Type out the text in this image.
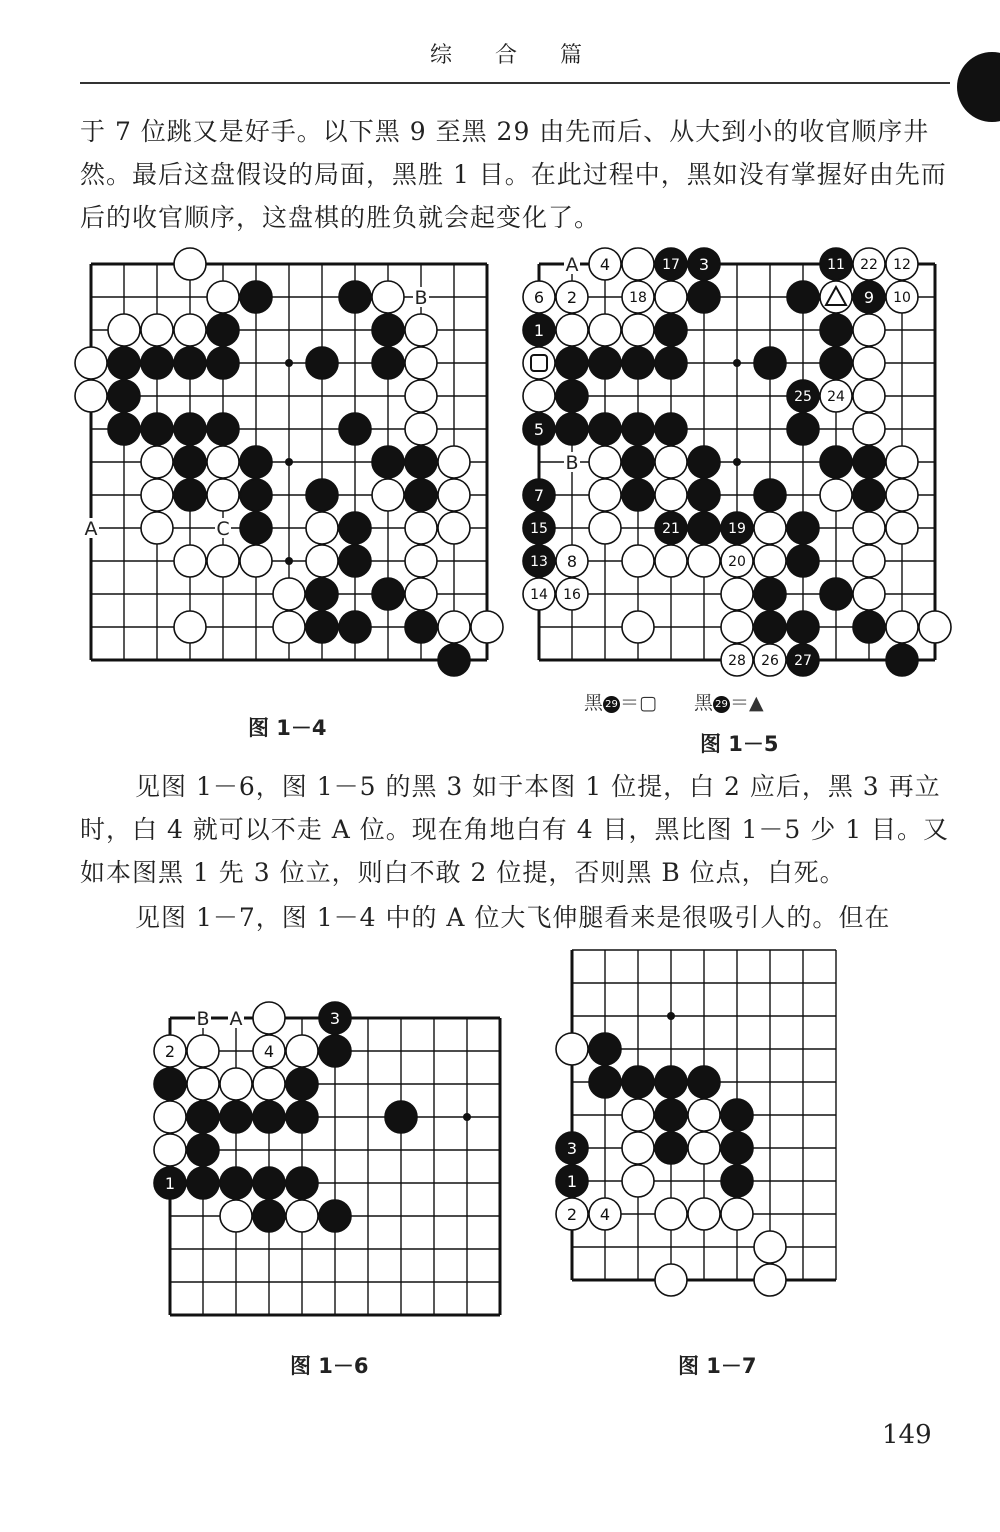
综 合 篇

于 7 位跳又是好手。以下黑 9 至黑 29 由先而后、从大到小的收官顺序井然。最后这盘假设的局面，黑胜 1 目。在此过程中，黑如没有掌握好由先而后的收官顺序，这盘棋的胜负就会起变化了。

B
A	C
4	17 3	11 22 12
6 2	18	9 10
1
25 24
5
7
15	21	19
13 8	20
14 16
28 26 27
A
B
黑 29 ＝▢ 黑 29 ＝▲
图 1－4
图 1－5

见图 1－6，图 1－5 的黑 3 如于本图 1 位提，白 2 应后，黑 3 再立时，白 4 就可以不走 A 位。现在角地白有 4 目，黑比图 1－5 少 1 目。又如本图黑 1 先 3 位立，则白不敢 2 位提，否则黑 B 位点，白死。

见图 1－7，图 1－4 中的 A 位大飞伸腿看来是很吸引人的。但在

3
2	4
1
B A
3
1
2 4
图 1－6	图 1－7
149
